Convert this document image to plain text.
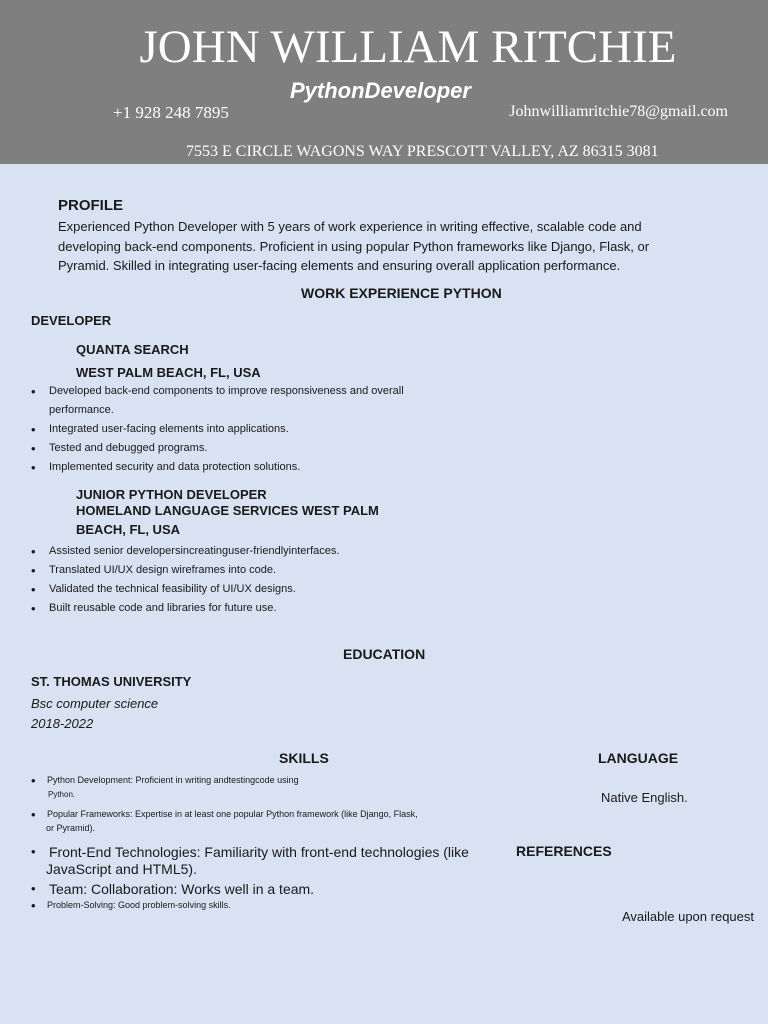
JOHN WILLIAM RITCHIE
PythonDeveloper
+1 928 248 7895	Johnwilliamritchie78@gmail.com
7553 E CIRCLE WAGONS WAY PRESCOTT VALLEY, AZ 86315 3081
PROFILE
Experienced Python Developer with 5 years of work experience in writing effective, scalable code and
developing back-end components. Proficient in using popular Python frameworks like Django, Flask, or
Pyramid. Skilled in integrating user-facing elements and ensuring overall application performance.
WORK EXPERIENCE PYTHON
DEVELOPER
QUANTA SEARCH
WEST PALM BEACH, FL, USA
• Developed back-end components to improve responsiveness and overall
performance.
• Integrated user-facing elements into applications.
• Tested and debugged programs.
• Implemented security and data protection solutions.
JUNIOR PYTHON DEVELOPER
HOMELAND LANGUAGE SERVICES WEST PALM
BEACH, FL, USA
• Assisted senior developersincreatinguser-friendlyinterfaces.
• Translated UI/UX design wireframes into code.
• Validated the technical feasibility of UI/UX designs.
• Built reusable code and libraries for future use.
EDUCATION
ST. THOMAS UNIVERSITY
Bsc computer science
2018-2022
SKILLS	LANGUAGE
Native English.
• Python Development: Proficient in writing andtestingcode using
Python.
• Popular Frameworks: Expertise in at least one popular Python framework (like Django, Flask,
or Pyramid).
• Front-End Technologies: Familiarity with front-end technologies (like
JavaScript and HTML5).
REFERENCES
• Team: Collaboration: Works well in a team.
• Problem-Solving: Good problem-solving skills.
Available upon request
